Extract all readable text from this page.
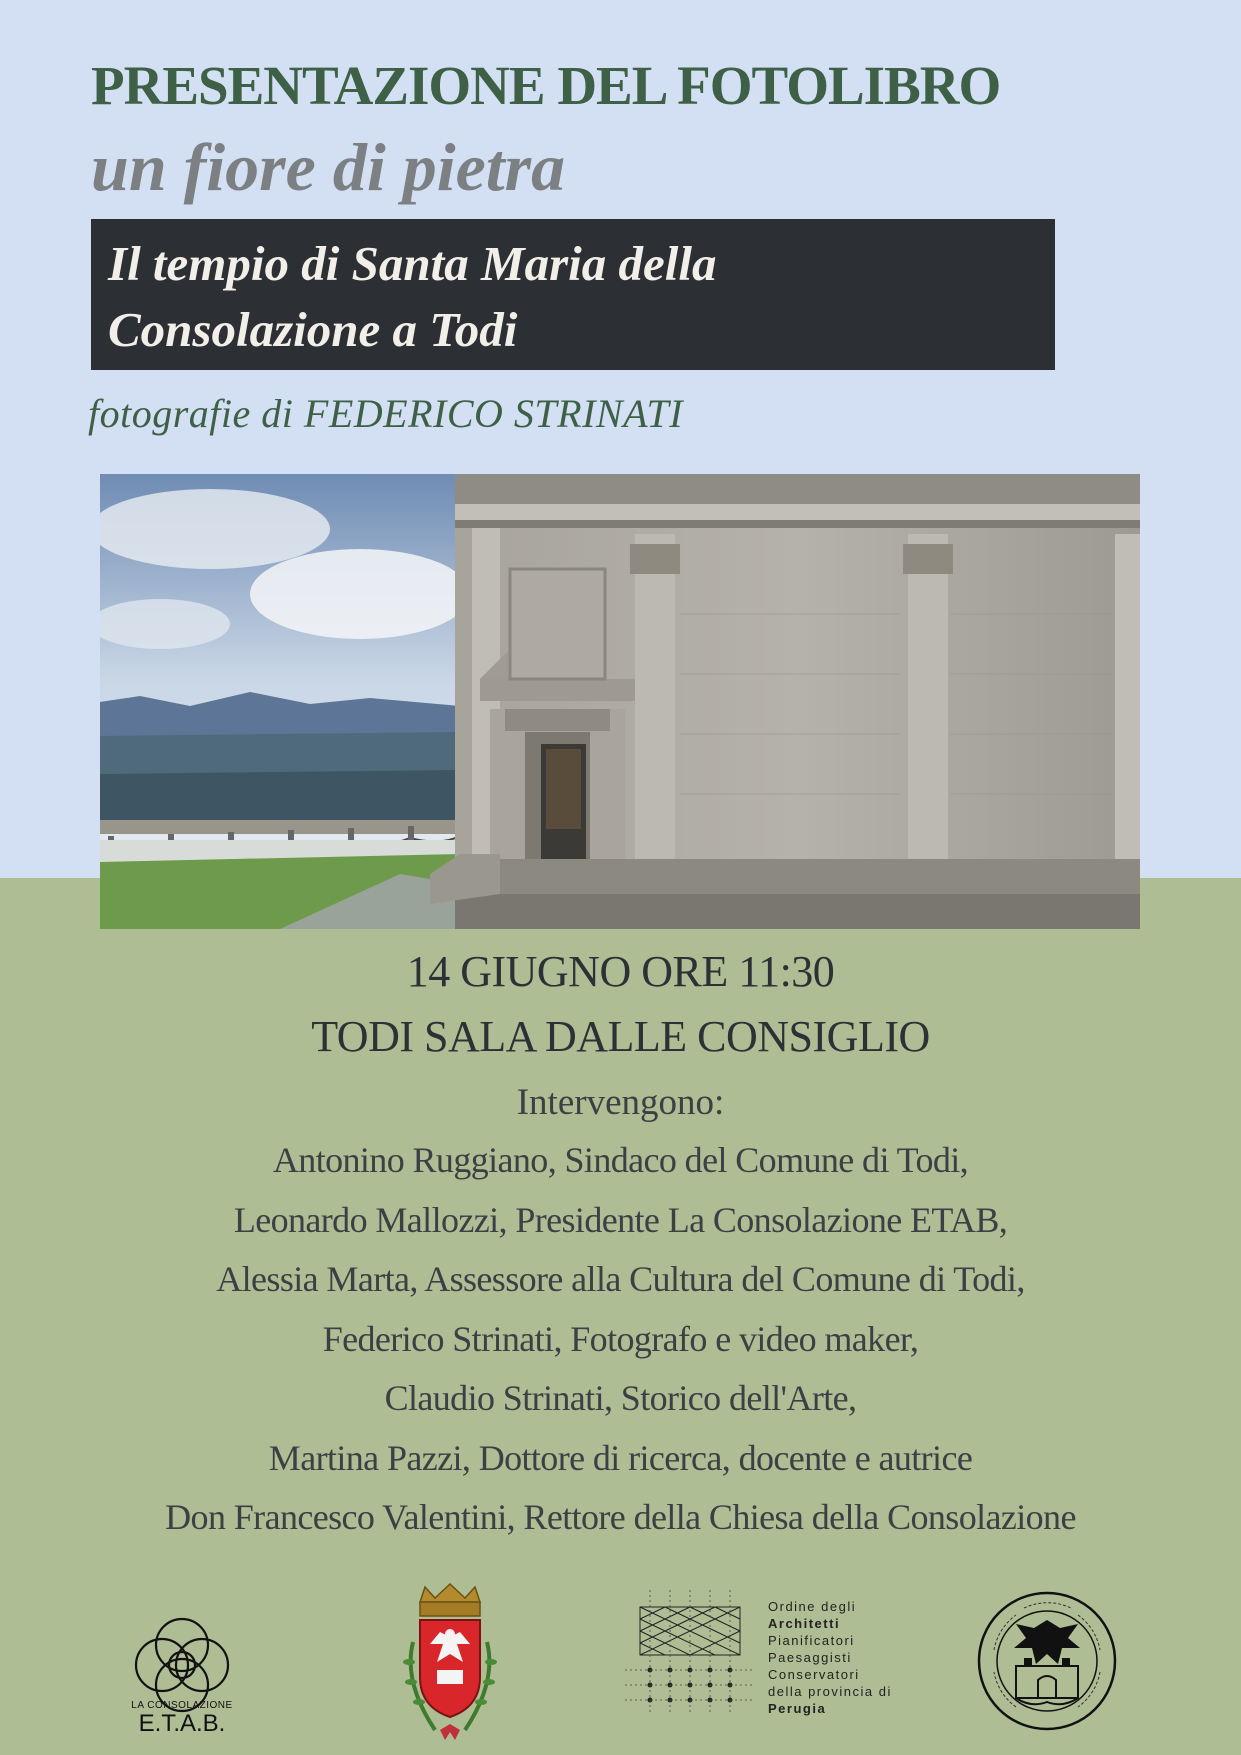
PRESENTAZIONE DEL FOTOLIBRO
un fiore di pietra

Il tempio di Santa Maria della
Consolazione a Todi

fotografie di FEDERICO STRINATI

14 GIUGNO ORE 11:30

TODI SALA DALLE CONSIGLIO

Intervengono:

Antonino Ruggiano, Sindaco del Comune di Todi,
Leonardo Mallozzi, Presidente La Consolazione ETAB,
Alessia Marta, Assessore alla Cultura del Comune di Todi,
Federico Strinati, Fotografo e video maker,
Claudio Strinati, Storico dell'Arte,
Martina Pazzi, Dottore di ricerca, docente e autrice
Don Francesco Valentini, Rettore della Chiesa della Consolazione

LA CONSOLAZIONE
E.T.A.B.

Ordine degli
Architetti
Pianificatori
Paesaggisti
Conservatori
della provincia di
Perugia
